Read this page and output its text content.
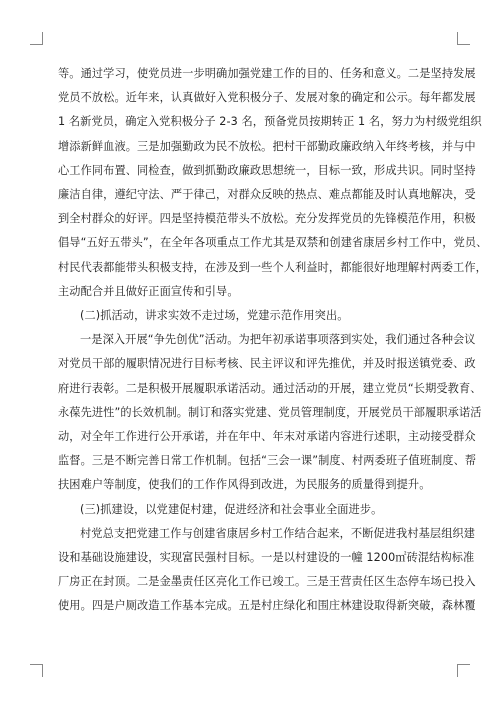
等。通过学习，使党员进一步明确加强党建工作的目的、任务和意义。二是坚持发展
党员不放松。近年来，认真做好入党积极分子、发展对象的确定和公示。每年都发展
1 名新党员，确定入党积极分子 2-3 名，预备党员按期转正 1 名，努力为村级党组织
增添新鲜血液。三是加强勤政为民不放松。把村干部勤政廉政纳入年终考核，并与中
心工作同布置、同检查，做到抓勤政廉政思想统一，目标一致，形成共识。同时坚持
廉洁自律，遵纪守法、严于律己，对群众反映的热点、难点都能及时认真地解决，受
到全村群众的好评。四是坚持模范带头不放松。充分发挥党员的先锋模范作用，积极
倡导“五好五带头”，在全年各项重点工作尤其是双禁和创建省康居乡村工作中，党员、
村民代表都能带头积极支持，在涉及到一些个人利益时，都能很好地理解村两委工作，
主动配合并且做好正面宣传和引导。
(二)抓活动，讲求实效不走过场，党建示范作用突出。
一是深入开展“争先创优”活动。为把年初承诺事项落到实处，我们通过各种会议
对党员干部的履职情况进行目标考核、民主评议和评先推优，并及时报送镇党委、政
府进行表彰。二是积极开展履职承诺活动。通过活动的开展，建立党员“长期受教育、
永葆先进性”的长效机制。制订和落实党建、党员管理制度，开展党员干部履职承诺活
动，对全年工作进行公开承诺，并在年中、年末对承诺内容进行述职，主动接受群众
监督。三是不断完善日常工作机制。包括“三会一课”制度、村两委班子值班制度、帮
扶困难户等制度，使我们的工作作风得到改进，为民服务的质量得到提升。
(三)抓建设，以党建促村建，促进经济和社会事业全面进步。
村党总支把党建工作与创建省康居乡村工作结合起来，不断促进我村基层组织建
设和基础设施建设，实现富民强村目标。一是以村建设的一幢 1200㎡砖混结构标准
厂房正在封顶。二是金墨责任区亮化工作已竣工。三是王营责任区生态停车场已投入
使用。四是户厕改造工作基本完成。五是村庄绿化和围庄林建设取得新突破，森林覆
